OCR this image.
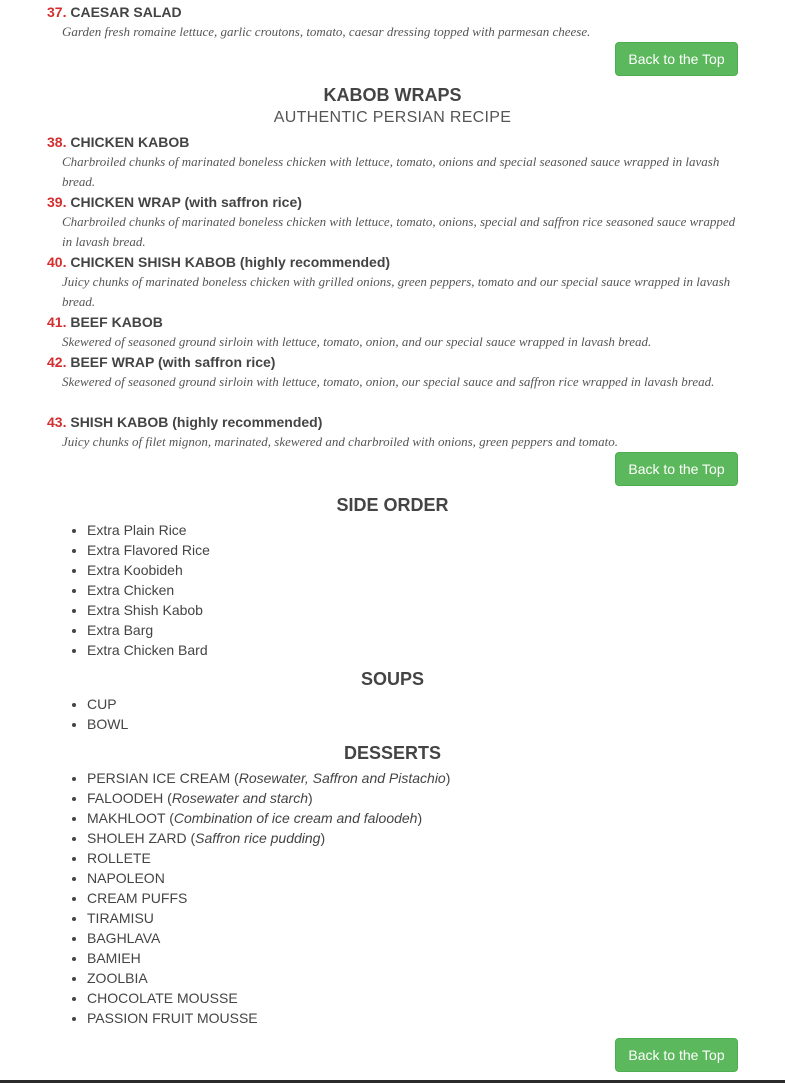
37. CAESAR SALAD
Garden fresh romaine lettuce, garlic croutons, tomato, caesar dressing topped with parmesan cheese.
Back to the Top
KABOB WRAPS
AUTHENTIC PERSIAN RECIPE
38. CHICKEN KABOB
Charbroiled chunks of marinated boneless chicken with lettuce, tomato, onions and special seasoned sauce wrapped in lavash bread.
39. CHICKEN WRAP (with saffron rice)
Charbroiled chunks of marinated boneless chicken with lettuce, tomato, onions, special and saffron rice seasoned sauce wrapped in lavash bread.
40. CHICKEN SHISH KABOB (highly recommended)
Juicy chunks of marinated boneless chicken with grilled onions, green peppers, tomato and our special sauce wrapped in lavash bread.
41. BEEF KABOB
Skewered of seasoned ground sirloin with lettuce, tomato, onion, and our special sauce wrapped in lavash bread.
42. BEEF WRAP (with saffron rice)
Skewered of seasoned ground sirloin with lettuce, tomato, onion, our special sauce and saffron rice wrapped in lavash bread.
43. SHISH KABOB (highly recommended)
Juicy chunks of filet mignon, marinated, skewered and charbroiled with onions, green peppers and tomato.
Back to the Top
SIDE ORDER
• Extra Plain Rice
• Extra Flavored Rice
• Extra Koobideh
• Extra Chicken
• Extra Shish Kabob
• Extra Barg
• Extra Chicken Bard
SOUPS
• CUP
• BOWL
DESSERTS
• PERSIAN ICE CREAM (Rosewater, Saffron and Pistachio)
• FALOODEH (Rosewater and starch)
• MAKHLOOT (Combination of ice cream and faloodeh)
• SHOLEH ZARD (Saffron rice pudding)
• ROLLETE
• NAPOLEON
• CREAM PUFFS
• TIRAMISU
• BAGHLAVA
• BAMIEH
• ZOOLBIA
• CHOCOLATE MOUSSE
• PASSION FRUIT MOUSSE
Back to the Top
